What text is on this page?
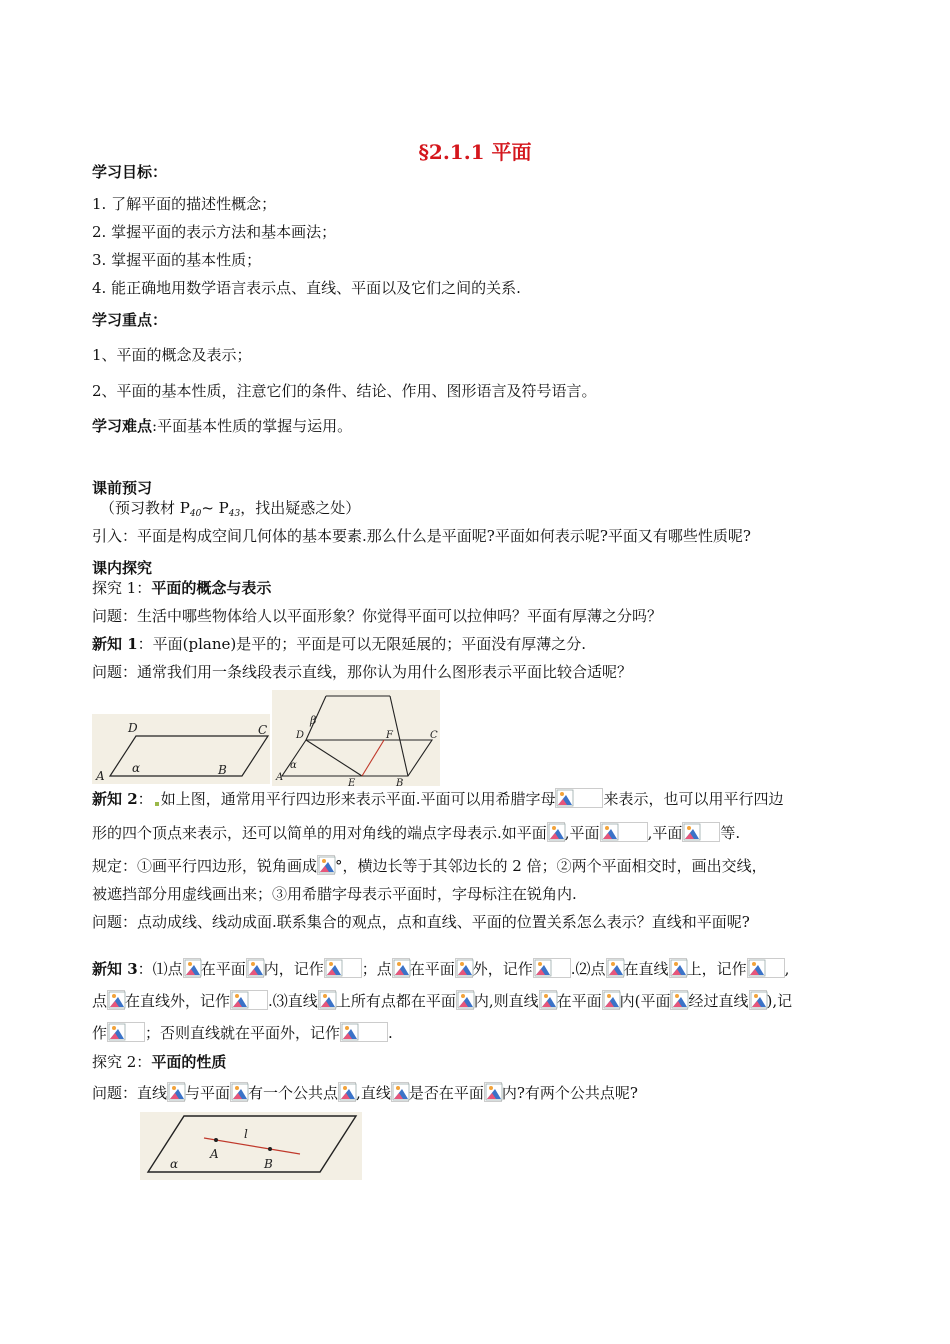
§2.1.1 平面
学习目标：
1. 了解平面的描述性概念；
2. 掌握平面的表示方法和基本画法；
3. 掌握平面的基本性质；
4. 能正确地用数学语言表示点、直线、平面以及它们之间的关系.
学习重点：
1、平面的概念及表示；
2、平面的基本性质，注意它们的条件、结论、作用、图形语言及符号语言。
学习难点:平面基本性质的掌握与运用。
课前预习
（预习教材 $P_{40}\sim$ $P_{43}$，找出疑惑之处）
引入：平面是构成空间几何体的基本要素.那么什么是平面呢?平面如何表示呢?平面又有哪些性质呢?
课内探究
探究 1：平面的概念与表示
问题：生活中哪些物体给人以平面形象？你觉得平面可以拉伸吗？平面有厚薄之分吗？
新知 1：平面(plane)是平的；平面是可以无限延展的；平面没有厚薄之分.
问题：通常我们用一条线段表示直线，那你认为用什么图形表示平面比较合适呢？
D	C
A	B
α
β
D	F	C
A
E	B
α
新知 2： 如上图，通常用平行四边形来表示平面.平面可以用希腊字母	来表示，也可以用平行四边
形的四个顶点来表示，还可以简单的用对角线的端点字母表示.如平面 ,平面	,平面	等.
规定：①画平行四边形，锐角画成 °，横边长等于其邻边长的 2 倍；②两个平面相交时，画出交线，
被遮挡部分用虚线画出来；③用希腊字母表示平面时，字母标注在锐角内.
问题：点动成线、线动成面.联系集合的观点，点和直线、平面的位置关系怎么表示？直线和平面呢?
新知 3：⑴点 在平面 内，记作	；点 在平面 外，记作	.⑵点 在直线 上，记作	,
点 在直线外，记作	.⑶直线 上所有点都在平面 内,则直线 在平面 内(平面 经过直线 ),记
作	；否则直线就在平面外，记作	.
探究 2：平面的性质
问题：直线 与平面 有一个公共点 ,直线 是否在平面 内?有两个公共点呢?
l
A
B
α
